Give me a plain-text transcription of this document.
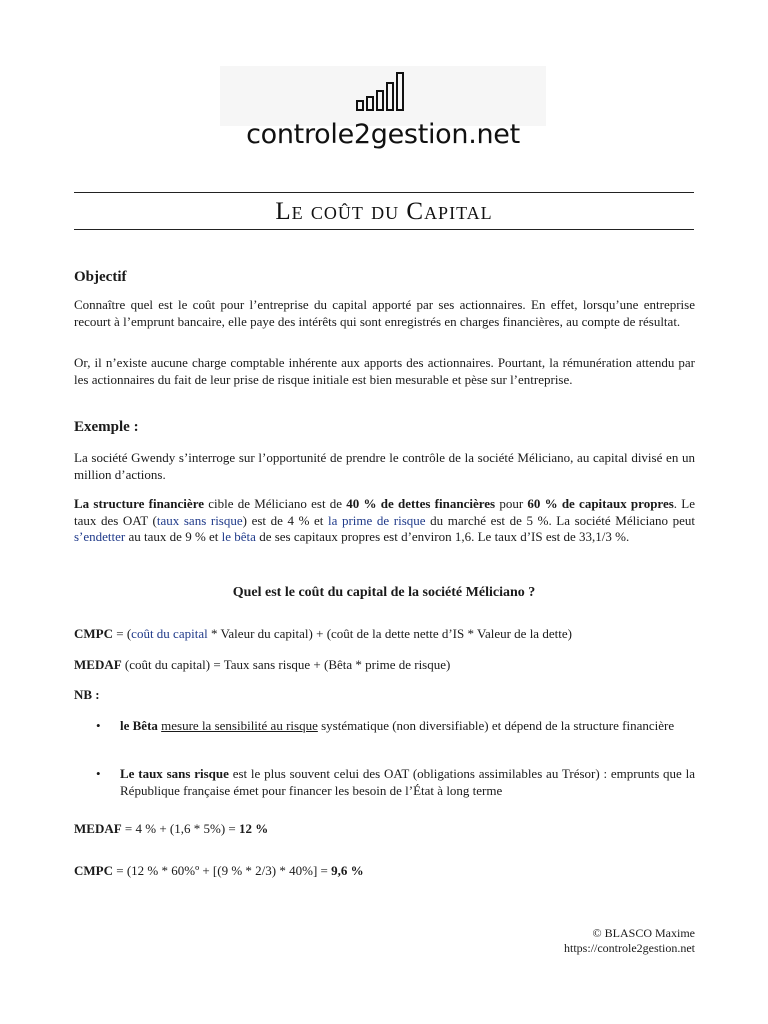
controle2gestion.net
Le coût du Capital
Objectif
Connaître quel est le coût pour l’entreprise du capital apporté par ses actionnaires. En effet, lorsqu’une entreprise recourt à l’emprunt bancaire, elle paye des intérêts qui sont enregistrés en charges financières, au compte de résultat.
Or, il n’existe aucune charge comptable inhérente aux apports des actionnaires. Pourtant, la rémunération attendu par les actionnaires du fait de leur prise de risque initiale est bien mesurable et pèse sur l’entreprise.
Exemple :
La société Gwendy s’interroge sur l’opportunité de prendre le contrôle de la société Méliciano, au capital divisé en un million d’actions.
La structure financière cible de Méliciano est de 40 % de dettes financières pour 60 % de capitaux propres. Le taux des OAT (taux sans risque) est de 4 % et la prime de risque du marché est de 5 %. La société Méliciano peut s’endetter au taux de 9 % et le bêta de ses capitaux propres est d’environ 1,6. Le taux d’IS est de 33,1/3 %.
Quel est le coût du capital de la société Méliciano ?
CMPC = (coût du capital * Valeur du capital) + (coût de la dette nette d’IS * Valeur de la dette)
MEDAF (coût du capital) = Taux sans risque + (Bêta * prime de risque)
NB :
• le Bêta mesure la sensibilité au risque systématique (non diversifiable) et dépend de la structure financière
• Le taux sans risque est le plus souvent celui des OAT (obligations assimilables au Trésor) : emprunts que la République française émet pour financer les besoin de l’État à long terme
MEDAF = 4 % + (1,6 * 5%) = 12 %
CMPC = (12 % * 60%º + [(9 % * 2/3) * 40%] = 9,6 %
© BLASCO Maxime
https://controle2gestion.net
